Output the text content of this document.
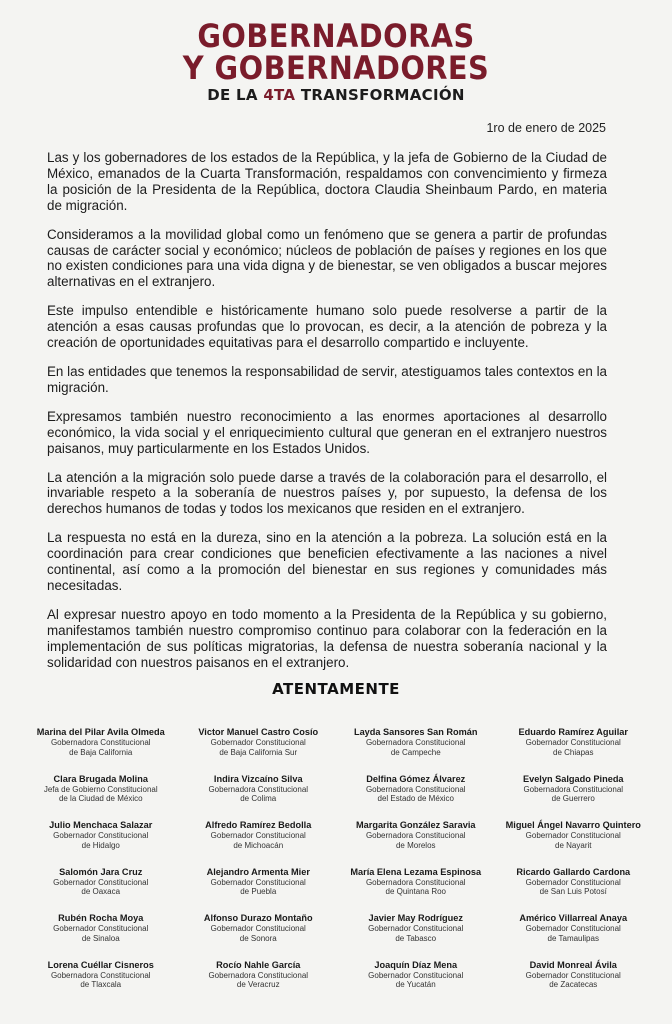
GOBERNADORAS
Y GOBERNADORES
DE LA 4TA TRANSFORMACIÓN
1ro de enero de 2025

Las y los gobernadores de los estados de la República, y la jefa de Gobierno de la Ciudad de México, emanados de la Cuarta Transformación, respaldamos con convencimiento y firmeza la posición de la Presidenta de la República, doctora Claudia Sheinbaum Pardo, en materia de migración.

Consideramos a la movilidad global como un fenómeno que se genera a partir de profundas causas de carácter social y económico; núcleos de población de países y regiones en los que no existen condiciones para una vida digna y de bienestar, se ven obligados a buscar mejores alternativas en el extranjero.

Este impulso entendible e históricamente humano solo puede resolverse a partir de la atención a esas causas profundas que lo provocan, es decir, a la atención de pobreza y la creación de oportunidades equitativas para el desarrollo compartido e incluyente.

En las entidades que tenemos la responsabilidad de servir, atestiguamos tales contextos en la migración.

Expresamos también nuestro reconocimiento a las enormes aportaciones al desarrollo económico, la vida social y el enriquecimiento cultural que generan en el extranjero nuestros paisanos, muy particularmente en los Estados Unidos.

La atención a la migración solo puede darse a través de la colaboración para el desarrollo, el invariable respeto a la soberanía de nuestros países y, por supuesto, la defensa de los derechos humanos de todas y todos los mexicanos que residen en el extranjero.

La respuesta no está en la dureza, sino en la atención a la pobreza. La solución está en la coordinación para crear condiciones que beneficien efectivamente a las naciones a nivel continental, así como a la promoción del bienestar en sus regiones y comunidades más necesitadas.

Al expresar nuestro apoyo en todo momento a la Presidenta de la República y su gobierno, manifestamos también nuestro compromiso continuo para colaborar con la federación en la implementación de sus políticas migratorias, la defensa de nuestra soberanía nacional y la solidaridad con nuestros paisanos en el extranjero.

ATENTAMENTE
Marina del Pilar Avila Olmeda
Gobernadora Constitucional
de Baja California
Victor Manuel Castro Cosío
Gobernador Constitucional
de Baja California Sur
Layda Sansores San Román
Gobernadora Constitucional
de Campeche
Eduardo Ramírez Aguilar
Gobernador Constitucional
de Chiapas
Clara Brugada Molina
Jefa de Gobierno Constitucional
de la Ciudad de México
Indira Vizcaíno Silva
Gobernadora Constitucional
de Colima
Delfina Gómez Álvarez
Gobernadora Constitucional
del Estado de México
Evelyn Salgado Pineda
Gobernadora Constitucional
de Guerrero
Julio Menchaca Salazar
Gobernador Constitucional
de Hidalgo
Alfredo Ramírez Bedolla
Gobernador Constitucional
de Michoacán
Margarita González Saravia
Gobernadora Constitucional
de Morelos
Miguel Ángel Navarro Quintero
Gobernador Constitucional
de Nayarit
Salomón Jara Cruz
Gobernador Constitucional
de Oaxaca
Alejandro Armenta Mier
Gobernador Constitucional
de Puebla
María Elena Lezama Espinosa
Gobernadora Constitucional
de Quintana Roo
Ricardo Gallardo Cardona
Gobernador Constitucional
de San Luis Potosí
Rubén Rocha Moya
Gobernador Constitucional
de Sinaloa
Alfonso Durazo Montaño
Gobernador Constitucional
de Sonora
Javier May Rodríguez
Gobernador Constitucional
de Tabasco
Américo Villarreal Anaya
Gobernador Constitucional
de Tamaulipas
Lorena Cuéllar Cisneros
Gobernadora Constitucional
de Tlaxcala
Rocío Nahle García
Gobernadora Constitucional
de Veracruz
Joaquín Díaz Mena
Gobernador Constitucional
de Yucatán
David Monreal Ávila
Gobernador Constitucional
de Zacatecas
